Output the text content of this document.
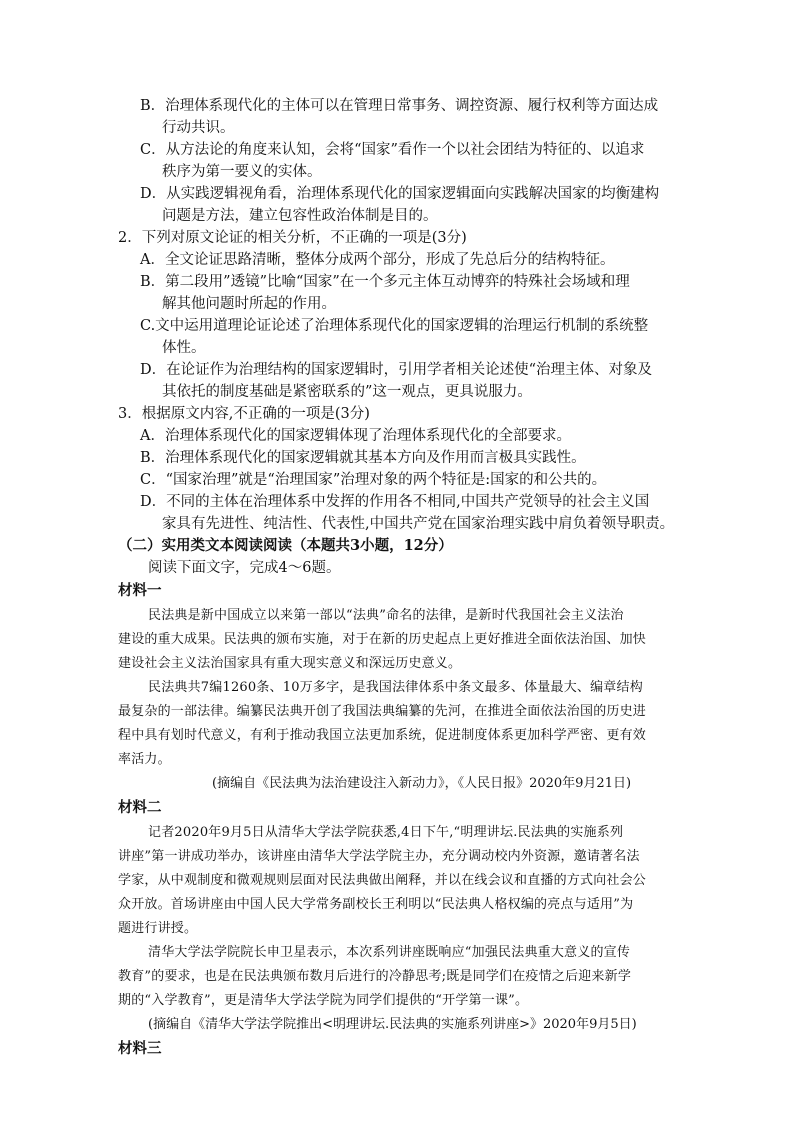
B．治理体系现代化的主体可以在管理日常事务、调控资源、履行权利等方面达成
行动共识。
C．从方法论的角度来认知，会将“国家”看作一个以社会团结为特征的、以追求
秩序为第一要义的实体。
D．从实践逻辑视角看，治理体系现代化的国家逻辑面向实践解决国家的均衡建构
问题是方法，建立包容性政治体制是目的。
2．下列对原文论证的相关分析，不正确的一项是(3分)
A．全文论证思路清晰，整体分成两个部分，形成了先总后分的结构特征。
B．第二段用”透镜”比喻“国家”在一个多元主体互动博弈的特殊社会场域和理
解其他问题时所起的作用。
C.文中运用道理论证论述了治理体系现代化的国家逻辑的治理运行机制的系统整
体性。
D．在论证作为治理结构的国家逻辑时，引用学者相关论述使“治理主体、对象及
其依托的制度基础是紧密联系的”这一观点，更具说服力。
3．根据原文内容,不正确的一项是(3分)
A．治理体系现代化的国家逻辑体现了治理体系现代化的全部要求。
B．治理体系现代化的国家逻辑就其基本方向及作用而言极具实践性。
C．“国家治理”就是“治理国家”治理对象的两个特征是:国家的和公共的。
D．不同的主体在治理体系中发挥的作用各不相同,中国共产党领导的社会主义国
家具有先进性、纯洁性、代表性,中国共产党在国家治理实践中肩负着领导职责。
（二）实用类文本阅读阅读（本题共3小题，12分）
阅读下面文字，完成4～6题。
材料一
民法典是新中国成立以来第一部以“法典”命名的法律，是新时代我国社会主义法治
建设的重大成果。民法典的颁布实施，对于在新的历史起点上更好推进全面依法治国、加快
建设社会主义法治国家具有重大现实意义和深远历史意义。
民法典共7编1260条、10万多字，是我国法律体系中条文最多、体量最大、编章结构
最复杂的一部法律。编纂民法典开创了我国法典编纂的先河，在推进全面依法治国的历史进
程中具有划时代意义，有利于推动我国立法更加系统，促进制度体系更加科学严密、更有效
率活力。
(摘编自《民法典为法治建设注入新动力》，《人民日报》2020年9月21日)
材料二
记者2020年9月5日从清华大学法学院获悉,4日下午,“明理讲坛.民法典的实施系列
讲座”第一讲成功举办，该讲座由清华大学法学院主办，充分调动校内外资源，邀请著名法
学家，从中观制度和微观规则层面对民法典做出阐释，并以在线会议和直播的方式向社会公
众开放。首场讲座由中国人民大学常务副校长王利明以“民法典人格权编的亮点与适用”为
题进行讲授。
清华大学法学院院长申卫星表示，本次系列讲座既响应“加强民法典重大意义的宣传
教育”的要求，也是在民法典颁布数月后进行的冷静思考;既是同学们在疫情之后迎来新学
期的“入学教育”，更是清华大学法学院为同学们提供的“开学第一课”。
(摘编自《清华大学法学院推出<明理讲坛.民法典的实施系列讲座>》2020年9月5日)
材料三
